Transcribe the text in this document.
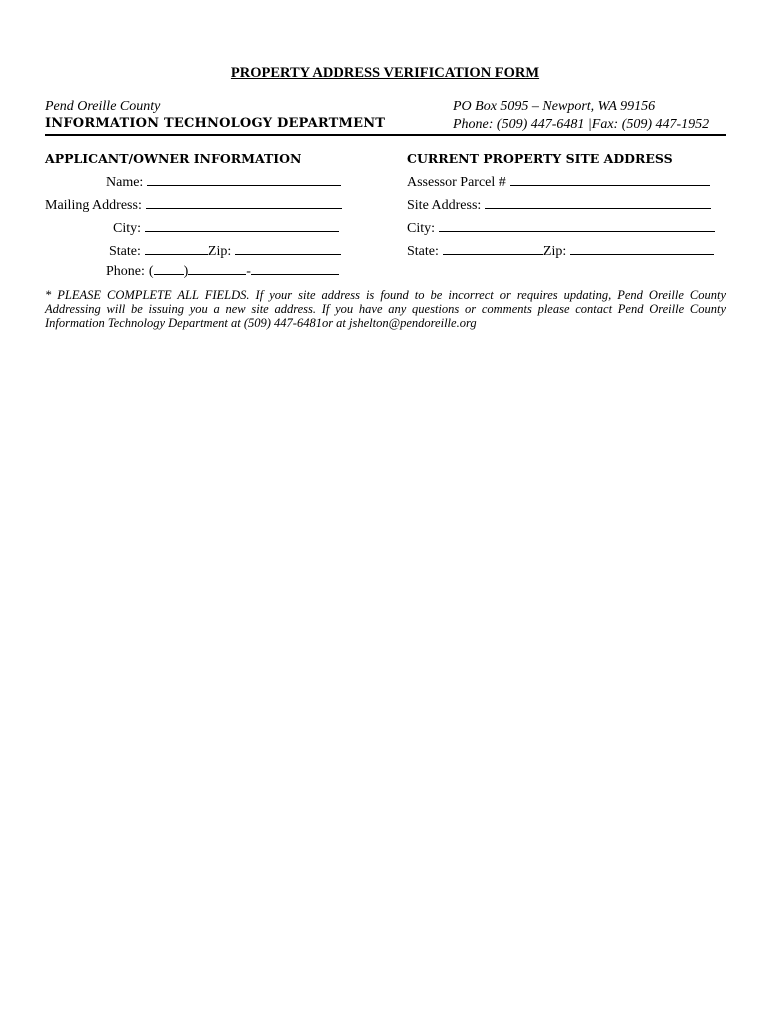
PROPERTY ADDRESS VERIFICATION FORM
Pend Oreille County
INFORMATION TECHNOLOGY DEPARTMENT
PO Box 5095 – Newport, WA 99156
Phone: (509) 447-6481 |Fax: (509) 447-1952
APPLICANT/OWNER INFORMATION	CURRENT PROPERTY SITE ADDRESS
Name:
Mailing Address:
City:
State:	Zip:
Phone: ( )	-
Assessor Parcel #
Site Address:
City:
State:	Zip:
* PLEASE COMPLETE ALL FIELDS. If your site address is found to be incorrect or requires updating, Pend Oreille County Addressing will be issuing you a new site address. If you have any questions or comments please contact Pend Oreille County Information Technology Department at (509) 447-6481or at jshelton@pendoreille.org
